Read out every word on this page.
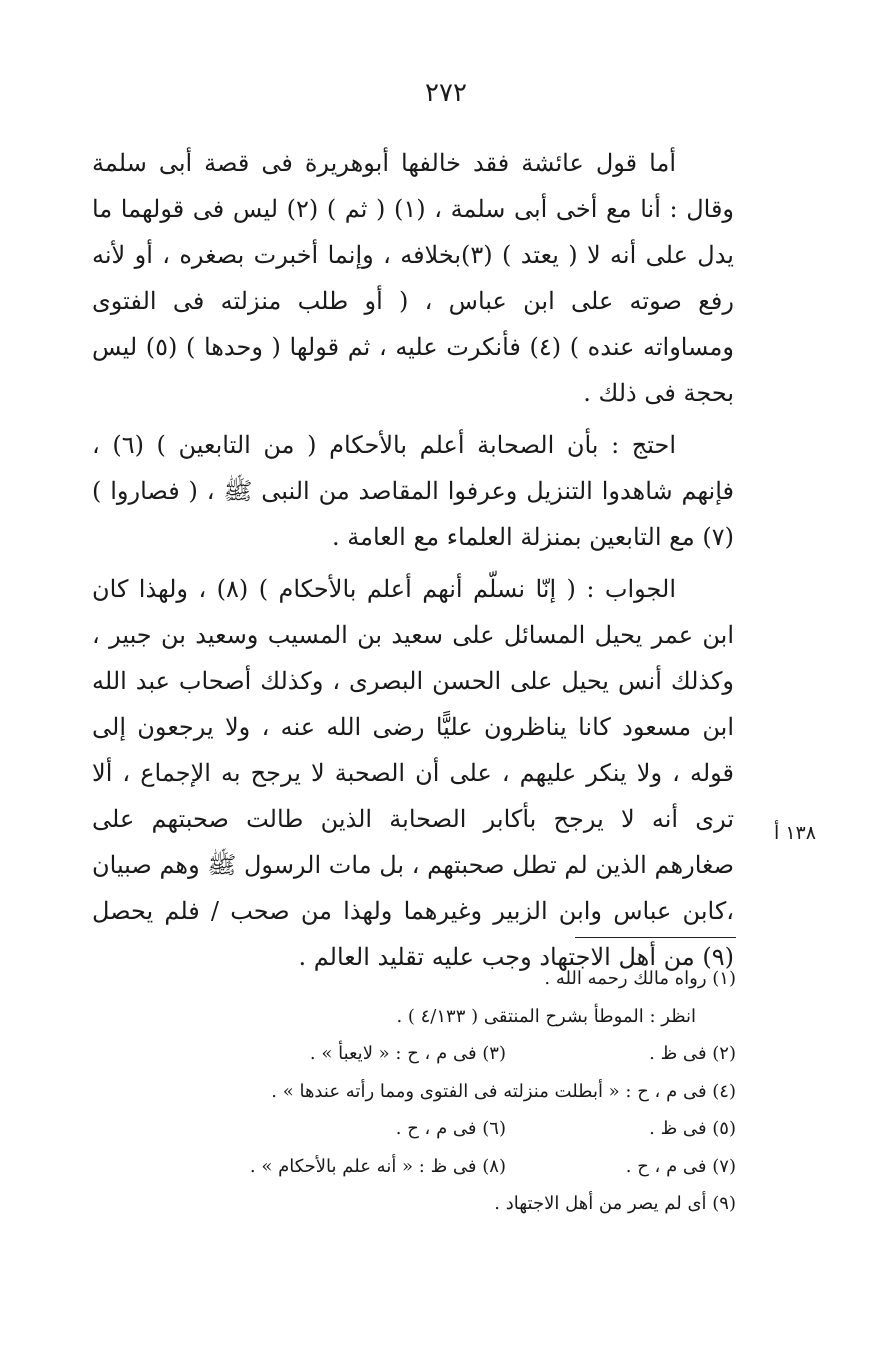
٢٧٢

أما قول عائشة فقد خالفها أبوهريرة فى قصة أبى سلمة وقال : أنا مع أخى أبى سلمة ، (١) ( ثم ) (٢) ليس فى قولهما ما يدل على أنه لا ( يعتد ) (٣)بخلافه ، وإنما أخبرت بصغره ، أو لأنه رفع صوته على ابن عباس ، ( أو طلب منزلته فى الفتوى ومساواته عنده ) (٤) فأنكرت عليه ، ثم قولها ( وحدها ) (٥) ليس بحجة فى ذلك .

احتج : بأن الصحابة أعلم بالأحكام ( من التابعين ) (٦) ، فإنهم شاهدوا التنزيل وعرفوا المقاصد من النبى ﷺ ، ( فصاروا ) (٧) مع التابعين بمنزلة العلماء مع العامة .

الجواب : ( إنّا نسلّم أنهم أعلم بالأحكام ) (٨) ، ولهذا كان ابن عمر يحيل المسائل على سعيد بن المسيب وسعيد بن جبير ، وكذلك أنس يحيل على الحسن البصرى ، وكذلك أصحاب عبد الله ابن مسعود كانا يناظرون عليًّا رضى الله عنه ، ولا يرجعون إلى قوله ، ولا ينكر عليهم ، على أن الصحبة لا يرجح به الإجماع ، ألا ترى أنه لا يرجح بأكابر الصحابة الذين طالت صحبتهم على صغارهم الذين لم تطل صحبتهم ، بل مات الرسول ﷺ وهم صبيان ،كابن عباس وابن الزبير وغيرهما ولهذا من صحب / فلم يحصل (٩) من أهل الاجتهاد وجب عليه تقليد العالم .

١٣٨ أ
(١) رواه مالك رحمه الله .
انظر : الموطأ بشرح المنتقى ( ٤/١٣٣ ) .
(٢) فى ظ .
(٣) فى م ، ح : « لايعبأ » .
(٤) فى م ، ح : « أبطلت منزلته فى الفتوى ومما رأته عندها » .
(٥) فى ظ .
(٦) فى م ، ح .
(٧) فى م ، ح .
(٨) فى ظ : « أنه علم بالأحكام » .
(٩) أى لم يصر من أهل الاجتهاد .
